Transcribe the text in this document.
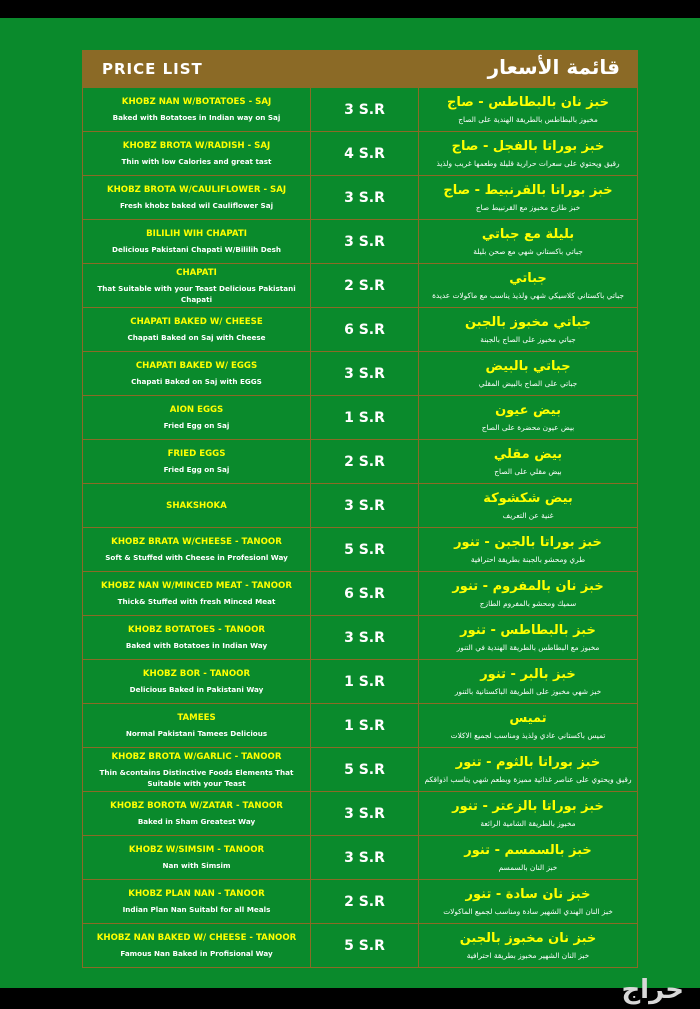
PRICE LIST	قائمة الأسعار
KHOBZ NAN W/BOTATOES - SAJ
Baked with Botatoes in Indian way on Saj	3 S.R	خبز نان بالبطاطس - صاج
مخبوز بالبطاطس بالطريقة الهندية على الصاج
KHOBZ BROTA W/RADISH - SAJ
Thin with low Calories and great tast	4 S.R	خبز بوراتا بالفجل - صاج
رقيق ويحتوي على سعرات حرارية قليلة وطعمها غريب ولذيذ
KHOBZ BROTA W/CAULIFLOWER - SAJ
Fresh khobz baked wil Cauliflower Saj	3 S.R	خبز بوراتا بالقرنبيط - صاج
خبز طازج مخبوز مع القرنبيط صاج
BILILIH WIH CHAPATI
Delicious Pakistani Chapati W/Bililih Desh	3 S.R	بليلة مع جباتي
جباتي باكستاني شهي مع صحن بليلة
CHAPATI
That Suitable with your Teast Delicious Pakistani Chapati
2 S.R	جباتي
جباتي باكستاني كلاسيكي شهي ولذيذ يناسب مع ماكولات عديدة
CHAPATI BAKED W/ CHEESE
Chapati Baked on Saj with Cheese	6 S.R	جباتي مخبوز بالجبن
جباتي مخبوز على الصاج بالجبنة
CHAPATI BAKED W/ EGGS
Chapati Baked on Saj with EGGS	3 S.R	جباتي بالبيض
جباتي على الصاج بالبيض المقلي
AION EGGS
Fried Egg on Saj	1 S.R	بيض عيون
بيض عيون محضرة على الصاج
FRIED EGGS
Fried Egg on Saj	2 S.R	بيض مقلي
بيض مقلي على الصاج
SHAKSHOKA	3 S.R	بيض شكشوكة
غنية عن التعريف
KHOBZ BRATA W/CHEESE - TANOOR
Soft & Stuffed with Cheese in Profesionl Way	5 S.R	خبز بوراتا بالجبن - تنور
طري ومحشو بالجبنة بطريقة احترافية
KHOBZ NAN W/MINCED MEAT - TANOOR
Thick& Stuffed with fresh Minced Meat	6 S.R	خبز نان بالمفروم - تنور
سميك ومحشو بالمفروم الطازج
KHOBZ BOTATOES - TANOOR
Baked with Botatoes in Indian Way	3 S.R	خبز بالبطاطس - تنور
مخبوز مع البطاطس بالطريقة الهندية في التنور
KHOBZ BOR - TANOOR
Delicious Baked in Pakistani Way	1 S.R	خبز بالبر - تنور
خبز شهي مخبوز على الطريقة الباكستانية بالتنور
TAMEES
Normal Pakistani Tamees Delicious	1 S.R	تميس
تميس باكستاني عادي ولذيذ ومناسب لجميع الاكلات
KHOBZ BROTA W/GARLIC - TANOOR
Thin &contains Distinctive Foods Elements That Suitable with your Teast
5 S.R	خبز بوراتا بالثوم - تنور
رقيق ويحتوي على عناصر غذائية مميزة وبطعم شهي يناسب اذواقكم
KHOBZ BOROTA W/ZATAR - TANOOR
Baked in Sham Greatest Way	3 S.R	خبز بوراتا بالزعتر - تنور
مخبوز بالطريقة الشامية الرائعة
KHOBZ W/SIMSIM - TANOOR
Nan with Simsim	3 S.R	خبز بالسمسم - تنور
خبز النان بالسمسم
KHOBZ PLAN NAN - TANOOR
Indian Plan Nan Suitabl for all Meals	2 S.R	خبز نان سادة - تنور
خبز النان الهندي الشهير سادة ومناسب لجميع الماكولات
KHOBZ NAN BAKED W/ CHEESE - TANOOR
Famous Nan Baked in Profisional Way	5 S.R	خبز نان مخبوز بالجبن
خبز النان الشهير مخبوز بطريقة احترافية
حراج
